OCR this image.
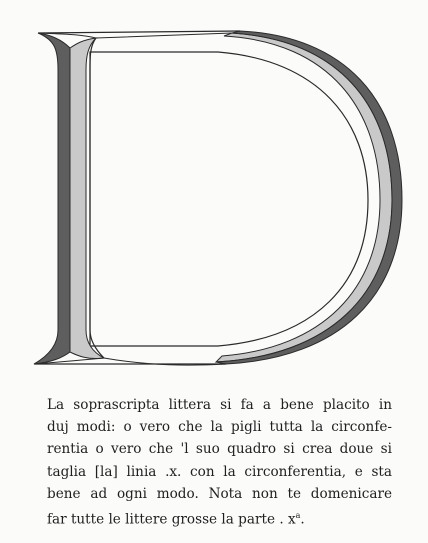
La soprascripta littera si fa a bene placito in
duj modi: o vero che la pigli tutta la circonfe-
rentia o vero che 'l suo quadro si crea doue si
taglia [la] linia .x. con la circonferentia, e sta
bene ad ogni modo. Nota non te domenicare
far tutte le littere grosse la parte . $x^a$.
